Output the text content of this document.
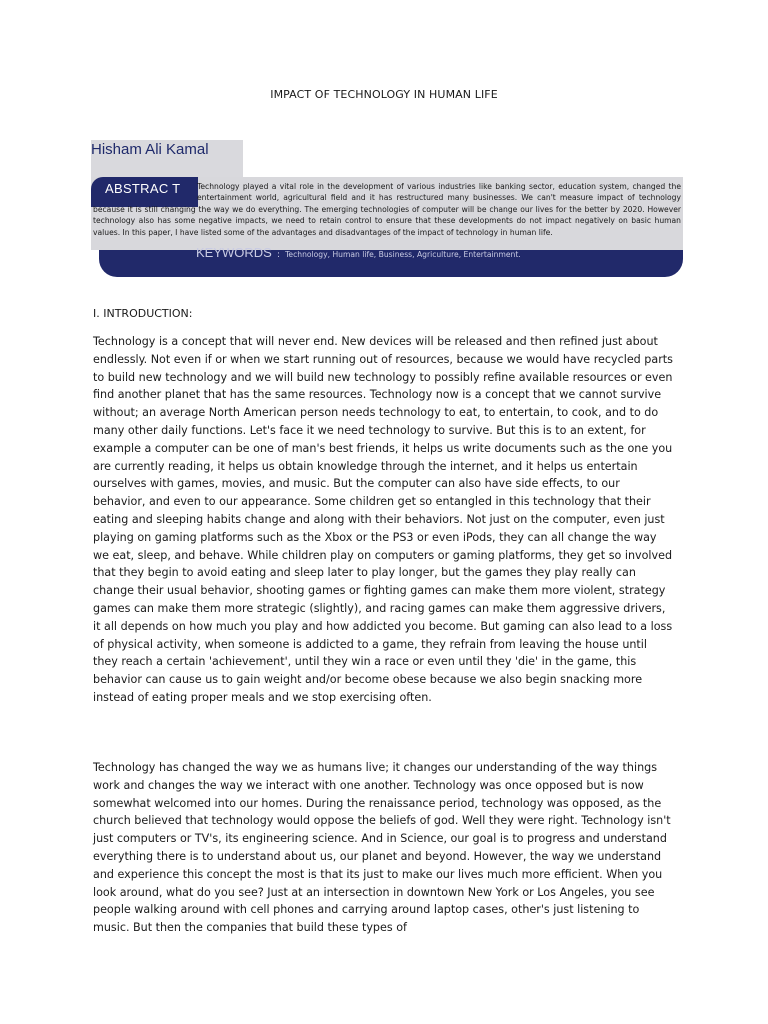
IMPACT OF TECHNOLOGY IN HUMAN LIFE
Hisham Ali Kamal
ABSTRAC T	Technology played a vital role in the development of various industries like banking sector, education system, changed the entertainment world, agricultural field and it has restructured many businesses. We can't measure impact of technology because it is still changing the way we do everything. The emerging technologies of computer will be change our lives for the better by 2020. However technology also has some negative impacts, we need to retain control to ensure that these developments do not impact negatively on basic human values. In this paper, I have listed some of the advantages and disadvantages of the impact of technology in human life.
KEYWORDS : Technology, Human life, Business, Agriculture, Entertainment.
I. INTRODUCTION:

Technology is a concept that will never end. New devices will be released and then refined just about endlessly. Not even if or when we start running out of resources, because we would have recycled parts to build new technology and we will build new technology to possibly refine available resources or even find another planet that has the same resources. Technology now is a concept that we cannot survive without; an average North American person needs technology to eat, to entertain, to cook, and to do many other daily functions. Let's face it we need technology to survive. But this is to an extent, for example a computer can be one of man's best friends, it helps us write documents such as the one you are currently reading, it helps us obtain knowledge through the internet, and it helps us entertain ourselves with games, movies, and music. But the computer can also have side effects, to our behavior, and even to our appearance. Some children get so entangled in this technology that their eating and sleeping habits change and along with their behaviors. Not just on the computer, even just playing on gaming platforms such as the Xbox or the PS3 or even iPods, they can all change the way we eat, sleep, and behave. While children play on computers or gaming platforms, they get so involved that they begin to avoid eating and sleep later to play longer, but the games they play really can change their usual behavior, shooting games or fighting games can make them more violent, strategy games can make them more strategic (slightly), and racing games can make them aggressive drivers, it all depends on how much you play and how addicted you become. But gaming can also lead to a loss of physical activity, when someone is addicted to a game, they refrain from leaving the house until they reach a certain 'achievement', until they win a race or even until they 'die' in the game, this behavior can cause us to gain weight and/or become obese because we also begin snacking more instead of eating proper meals and we stop exercising often.

Technology has changed the way we as humans live; it changes our understanding of the way things work and changes the way we interact with one another. Technology was once opposed but is now somewhat welcomed into our homes. During the renaissance period, technology was opposed, as the church believed that technology would oppose the beliefs of god. Well they were right. Technology isn't just computers or TV's, its engineering science. And in Science, our goal is to progress and understand everything there is to understand about us, our planet and beyond. However, the way we understand and experience this concept the most is that its just to make our lives much more efficient. When you look around, what do you see? Just at an intersection in downtown New York or Los Angeles, you see people walking around with cell phones and carrying around laptop cases, other's just listening to music. But then the companies that build these types of
